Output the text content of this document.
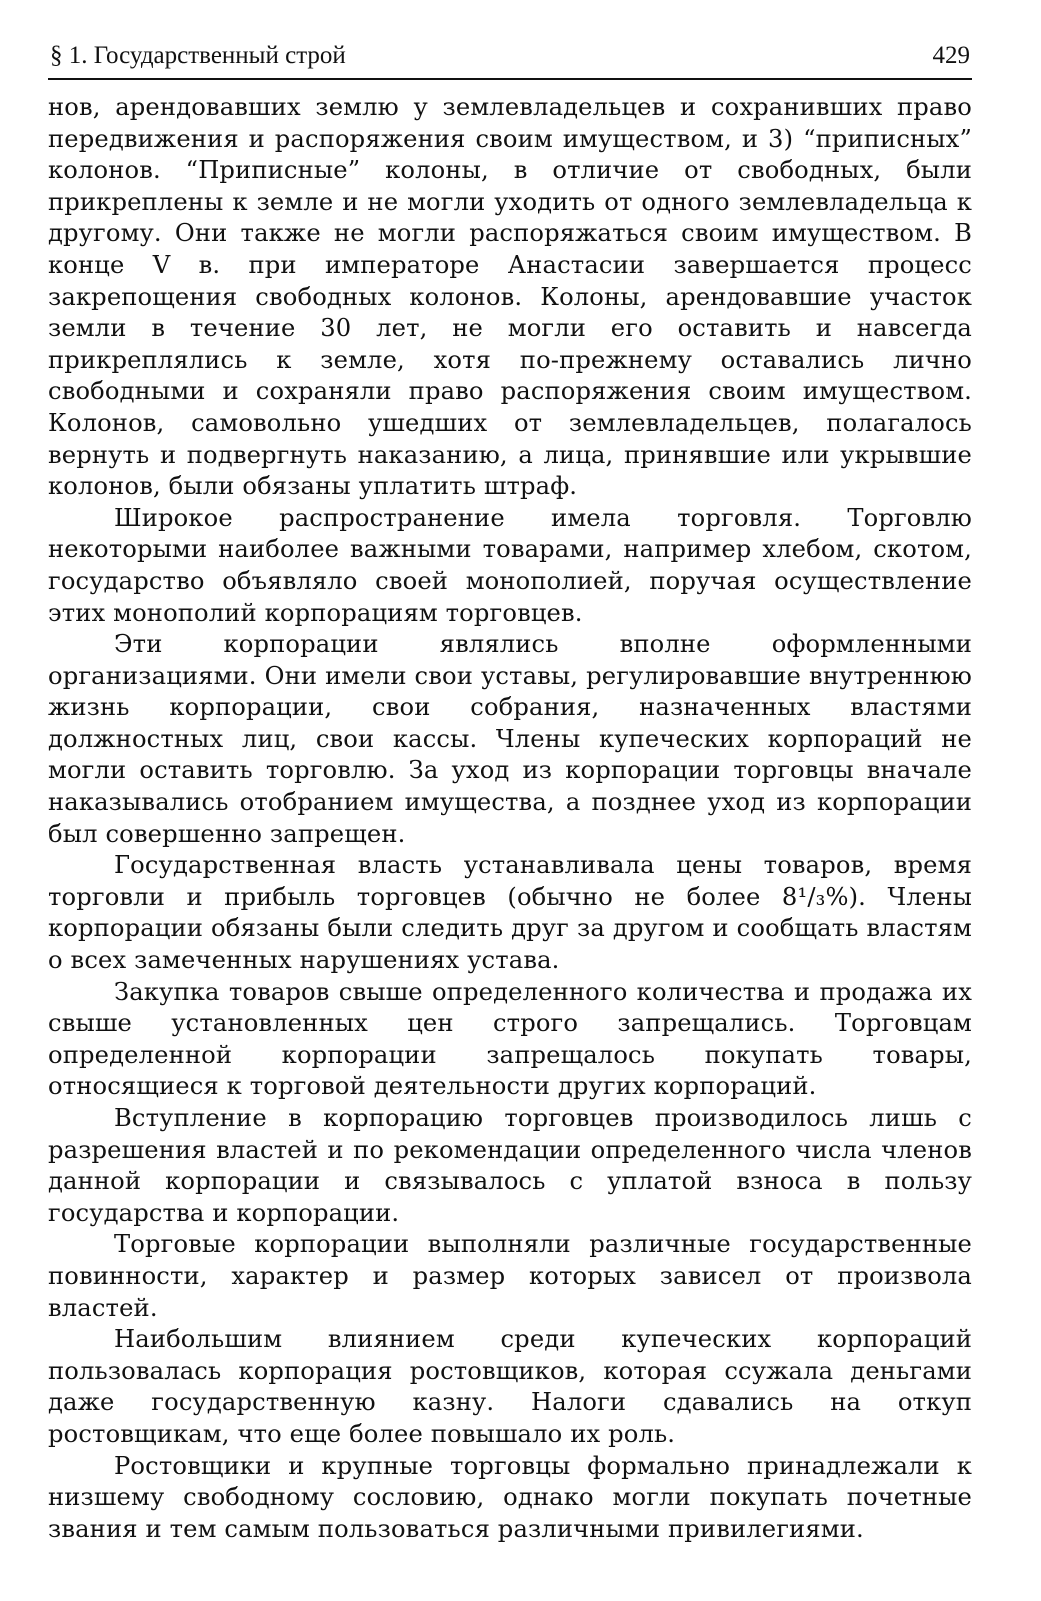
§ 1. Государственный строй	429

нов, арендовавших землю у землевладельцев и сохранивших право передвижения и распоряжения своим имуществом, и 3) “приписных” колонов. “Приписные” колоны, в отличие от свободных, были прикреплены к земле и не могли уходить от одного землевладельца к другому. Они также не могли распоряжаться своим имуществом. В конце V в. при императоре Анастасии завершается процесс закрепощения свободных колонов. Колоны, арендовавшие участок земли в течение 30 лет, не могли его оставить и навсегда прикреплялись к земле, хотя по-прежнему оставались лично свободными и сохраняли право распоряжения своим имуществом. Колонов, самовольно ушедших от землевладельцев, полагалось вернуть и подвергнуть наказанию, а лица, принявшие или укрывшие колонов, были обязаны уплатить штраф.

Широкое распространение имела торговля. Торговлю некоторыми наиболее важными товарами, например хлебом, скотом, государство объявляло своей монополией, поручая осуществление этих монополий корпорациям торговцев.

Эти корпорации являлись вполне оформленными организациями. Они имели свои уставы, регулировавшие внутреннюю жизнь корпорации, свои собрания, назначенных властями должностных лиц, свои кассы. Члены купеческих корпораций не могли оставить торговлю. За уход из корпорации торговцы вначале наказывались отобранием имущества, а позднее уход из корпорации был совершенно запрещен.

Государственная власть устанавливала цены товаров, время торговли и прибыль торговцев (обычно не более 8¹/₃%). Члены корпорации обязаны были следить друг за другом и сообщать властям о всех замеченных нарушениях устава.

Закупка товаров свыше определенного количества и продажа их свыше установленных цен строго запрещались. Торговцам определенной корпорации запрещалось покупать товары, относящиеся к торговой деятельности других корпораций.

Вступление в корпорацию торговцев производилось лишь с разрешения властей и по рекомендации определенного числа членов данной корпорации и связывалось с уплатой взноса в пользу государства и корпорации.

Торговые корпорации выполняли различные государственные повинности, характер и размер которых зависел от произвола властей.

Наибольшим влиянием среди купеческих корпораций пользовалась корпорация ростовщиков, которая ссужала деньгами даже государственную казну. Налоги сдавались на откуп ростовщикам, что еще более повышало их роль.

Ростовщики и крупные торговцы формально принадлежали к низшему свободному сословию, однако могли покупать почетные звания и тем самым пользоваться различными привилегиями.
